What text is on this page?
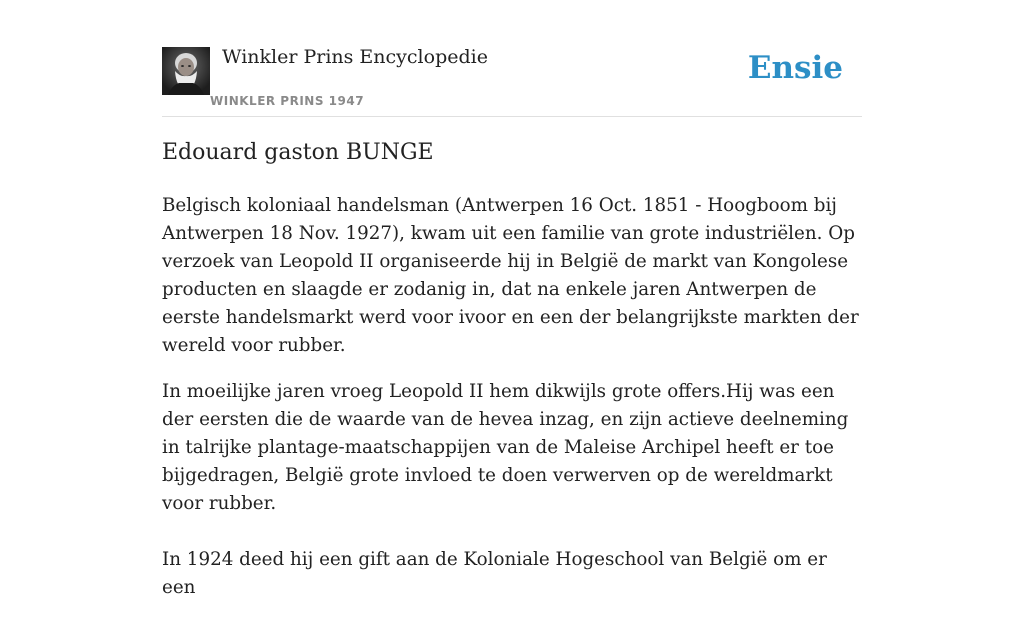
Winkler Prins Encyclopedie
WINKLER PRINS 1947
Ensie
Edouard gaston BUNGE

Belgisch koloniaal handelsman (Antwerpen 16 Oct. 1851 - Hoogboom bij Antwerpen 18 Nov. 1927), kwam uit een familie van grote industriëlen. Op verzoek van Leopold II organiseerde hij in België de markt van Kongolese producten en slaagde er zodanig in, dat na enkele jaren Antwerpen de eerste handelsmarkt werd voor ivoor en een der belangrijkste markten der wereld voor rubber.

In moeilijke jaren vroeg Leopold II hem dikwijls grote offers.Hij was een der eersten die de waarde van de hevea inzag, en zijn actieve deelneming in talrijke plantage-maatschappijen van de Maleise Archipel heeft er toe bijgedragen, België grote invloed te doen verwerven op de wereldmarkt voor rubber.

In 1924 deed hij een gift aan de Koloniale Hogeschool van België om er een
